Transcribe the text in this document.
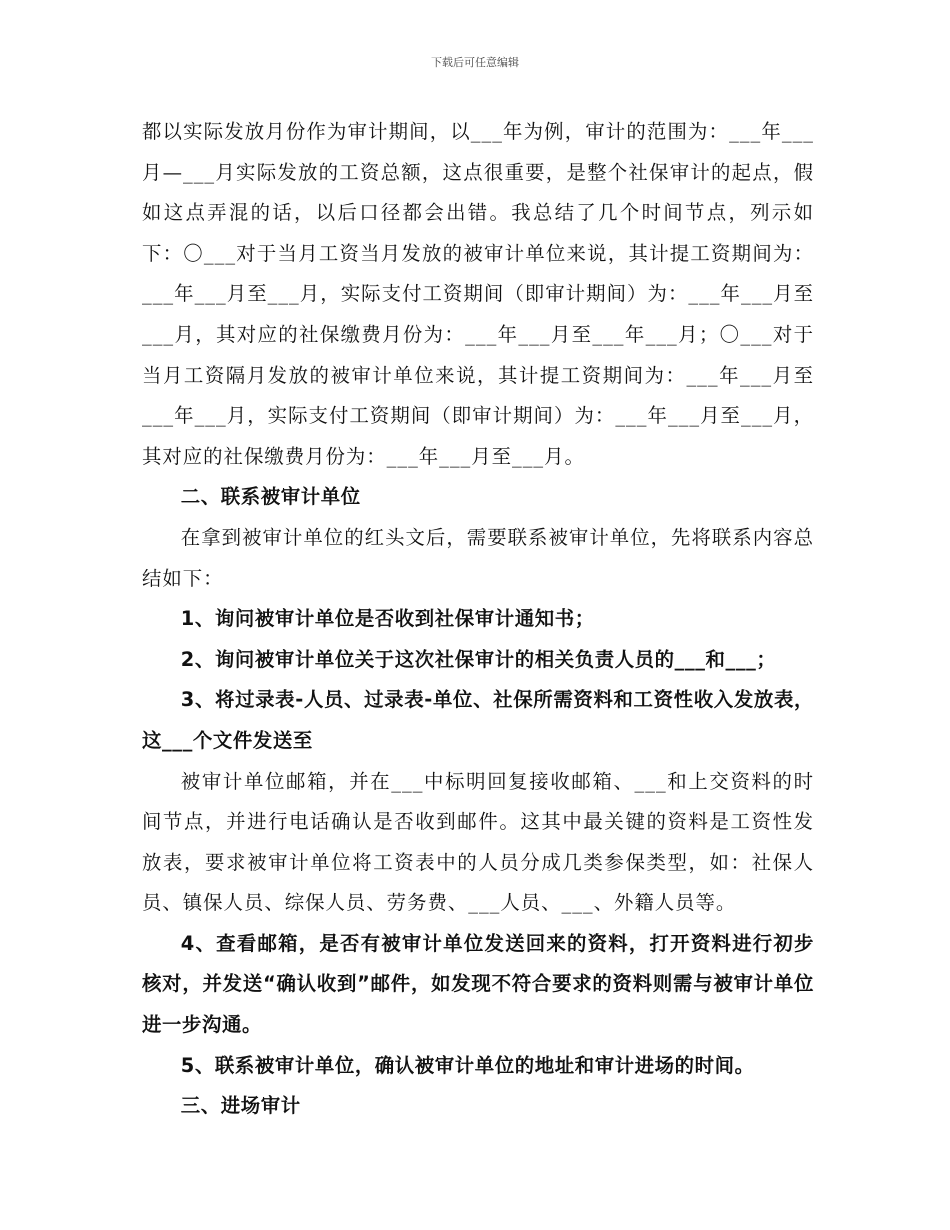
下载后可任意编辑

都以实际发放月份作为审计期间，以___年为例，审计的范围为：___年___月—___月实际发放的工资总额，这点很重要，是整个社保审计的起点，假如这点弄混的话，以后口径都会出错。我总结了几个时间节点，列示如下：〇___对于当月工资当月发放的被审计单位来说，其计提工资期间为：___年___月至___月，实际支付工资期间（即审计期间）为：___年___月至___月，其对应的社保缴费月份为：___年___月至___年___月；〇___对于当月工资隔月发放的被审计单位来说，其计提工资期间为：___年___月至___年___月，实际支付工资期间（即审计期间）为：___年___月至___月，其对应的社保缴费月份为：___年___月至___月。

二、联系被审计单位

在拿到被审计单位的红头文后，需要联系被审计单位，先将联系内容总结如下：

1、询问被审计单位是否收到社保审计通知书；

2、询问被审计单位关于这次社保审计的相关负责人员的___和___；

3、将过录表-人员、过录表-单位、社保所需资料和工资性收入发放表，这___个文件发送至

被审计单位邮箱，并在___中标明回复接收邮箱、___和上交资料的时间节点，并进行电话确认是否收到邮件。这其中最关键的资料是工资性发放表，要求被审计单位将工资表中的人员分成几类参保类型，如：社保人员、镇保人员、综保人员、劳务费、___人员、___、外籍人员等。

4、查看邮箱，是否有被审计单位发送回来的资料，打开资料进行初步核对，并发送“确认收到”邮件，如发现不符合要求的资料则需与被审计单位进一步沟通。

5、联系被审计单位，确认被审计单位的地址和审计进场的时间。

三、进场审计
